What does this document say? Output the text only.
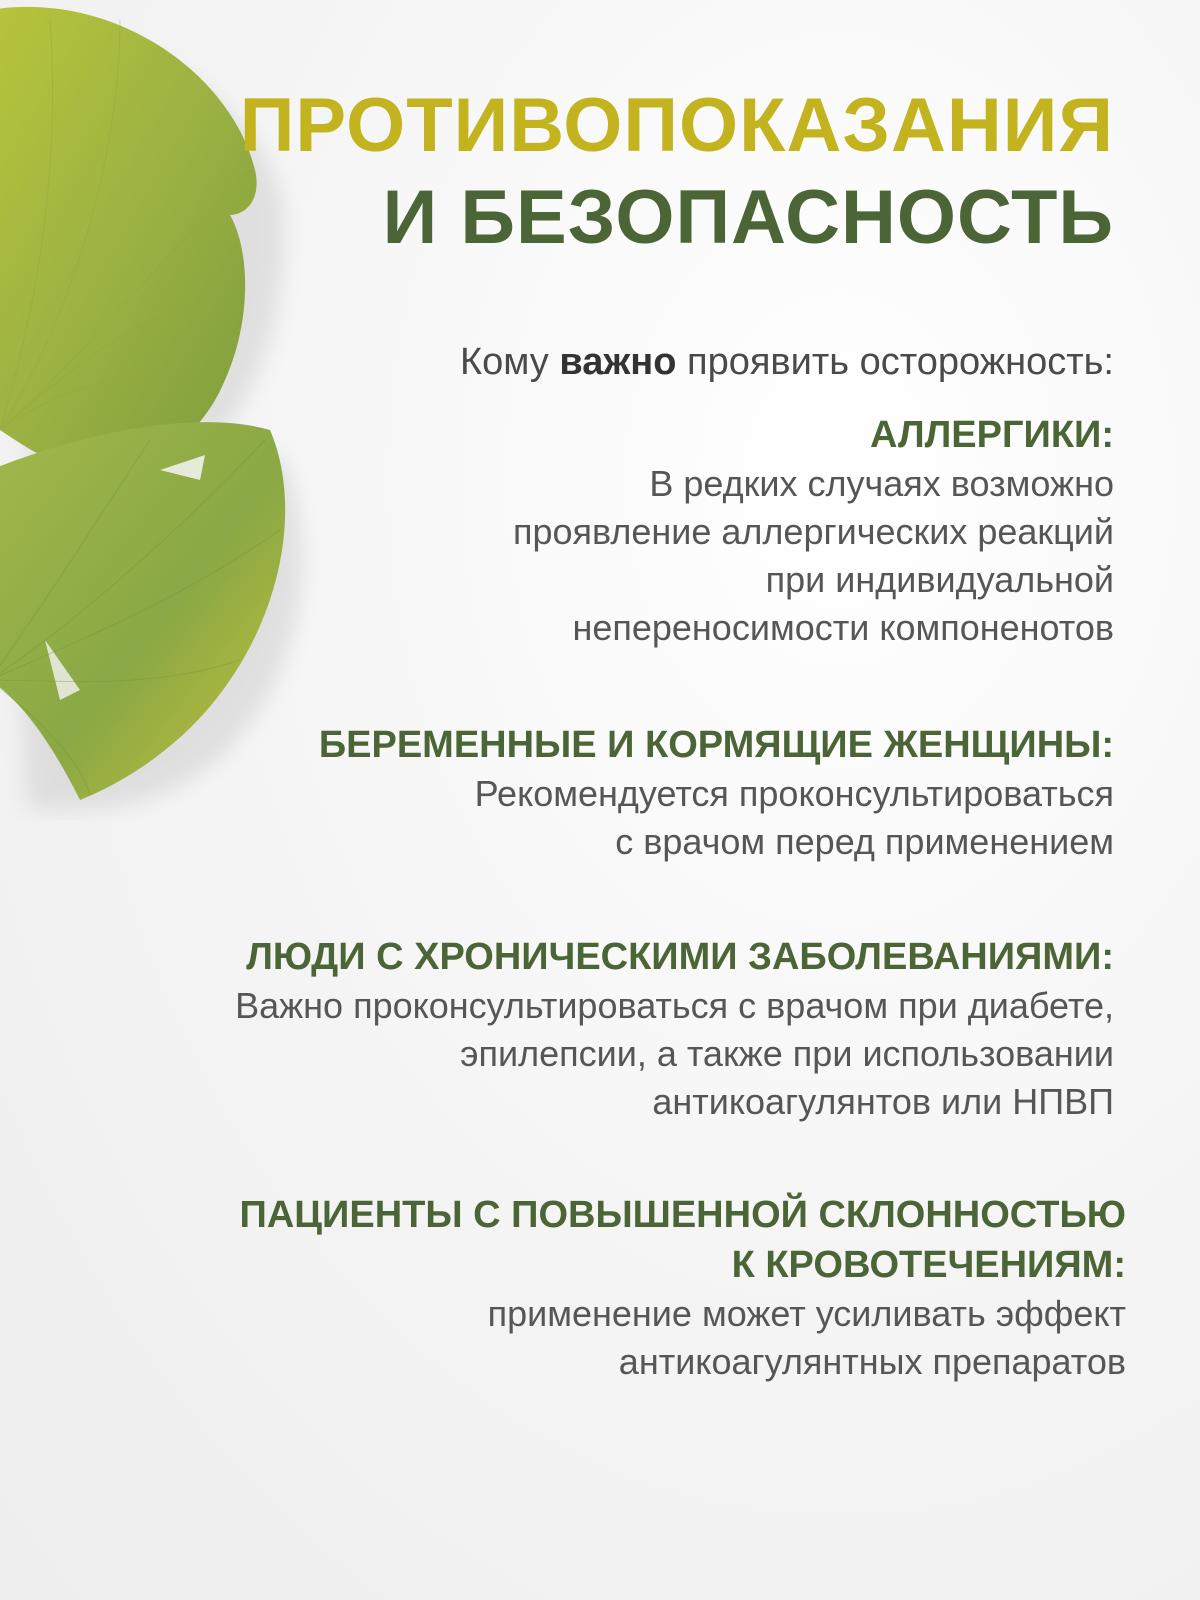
ПРОТИВОПОКАЗАНИЯ
И БЕЗОПАСНОСТЬ
Кому важно проявить осторожность:
АЛЛЕРГИКИ:

В редких случаях возможно

проявление аллергических реакций

при индивидуальной

непереносимости компоненотов

БЕРЕМЕННЫЕ И КОРМЯЩИЕ ЖЕНЩИНЫ:

Рекомендуется проконсультироваться

с врачом перед применением

ЛЮДИ С ХРОНИЧЕСКИМИ ЗАБОЛЕВАНИЯМИ:

Важно проконсультироваться с врачом при диабете,

эпилепсии, а также при использовании

антикоагулянтов или НПВП

ПАЦИЕНТЫ С ПОВЫШЕННОЙ СКЛОННОСТЬЮ
К КРОВОТЕЧЕНИЯМ:

применение может усиливать эффект

антикоагулянтных препаратов
